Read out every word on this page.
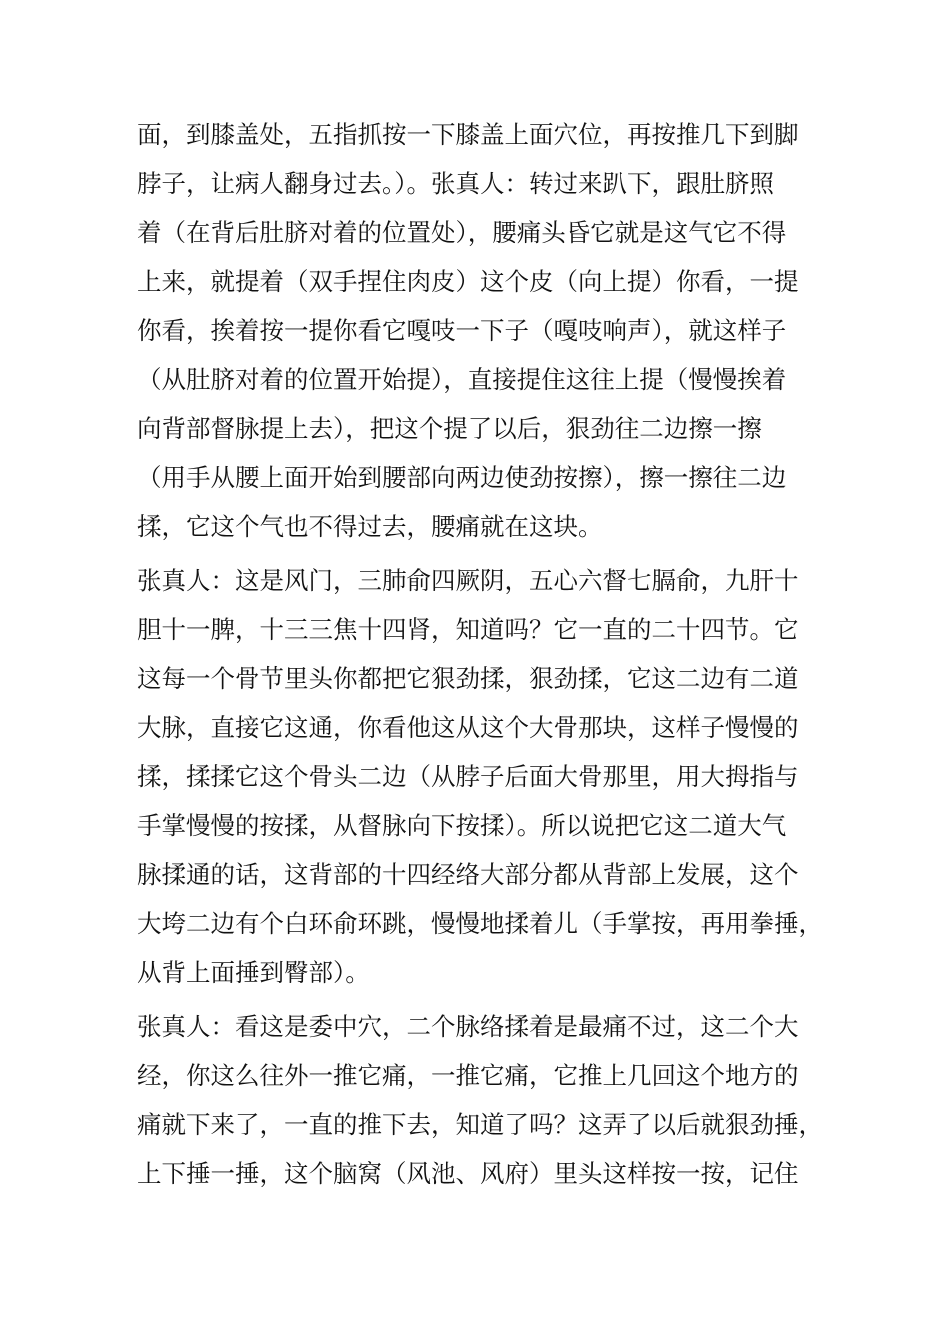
面，到膝盖处，五指抓按一下膝盖上面穴位，再按推几下到脚
脖子，让病人翻身过去。）。张真人：转过来趴下，跟肚脐照
着（在背后肚脐对着的位置处），腰痛头昏它就是这气它不得
上来，就提着（双手捏住肉皮）这个皮（向上提）你看，一提
你看，挨着按一提你看它嘎吱一下子（嘎吱响声），就这样子
（从肚脐对着的位置开始提），直接提住这往上提（慢慢挨着
向背部督脉提上去），把这个提了以后，狠劲往二边擦一擦
（用手从腰上面开始到腰部向两边使劲按擦），擦一擦往二边
揉，它这个气也不得过去，腰痛就在这块。
张真人：这是风门，三肺俞四厥阴，五心六督七膈俞，九肝十
胆十一脾，十三三焦十四肾，知道吗？它一直的二十四节。它
这每一个骨节里头你都把它狠劲揉，狠劲揉，它这二边有二道
大脉，直接它这通，你看他这从这个大骨那块，这样子慢慢的
揉，揉揉它这个骨头二边（从脖子后面大骨那里，用大拇指与
手掌慢慢的按揉，从督脉向下按揉）。所以说把它这二道大气
脉揉通的话，这背部的十四经络大部分都从背部上发展，这个
大垮二边有个白环俞环跳，慢慢地揉着儿（手掌按，再用拳捶，
从背上面捶到臀部）。
张真人：看这是委中穴，二个脉络揉着是最痛不过，这二个大
经，你这么往外一推它痛，一推它痛，它推上几回这个地方的
痛就下来了，一直的推下去，知道了吗？这弄了以后就狠劲捶，
上下捶一捶，这个脑窝（风池、风府）里头这样按一按，记住
